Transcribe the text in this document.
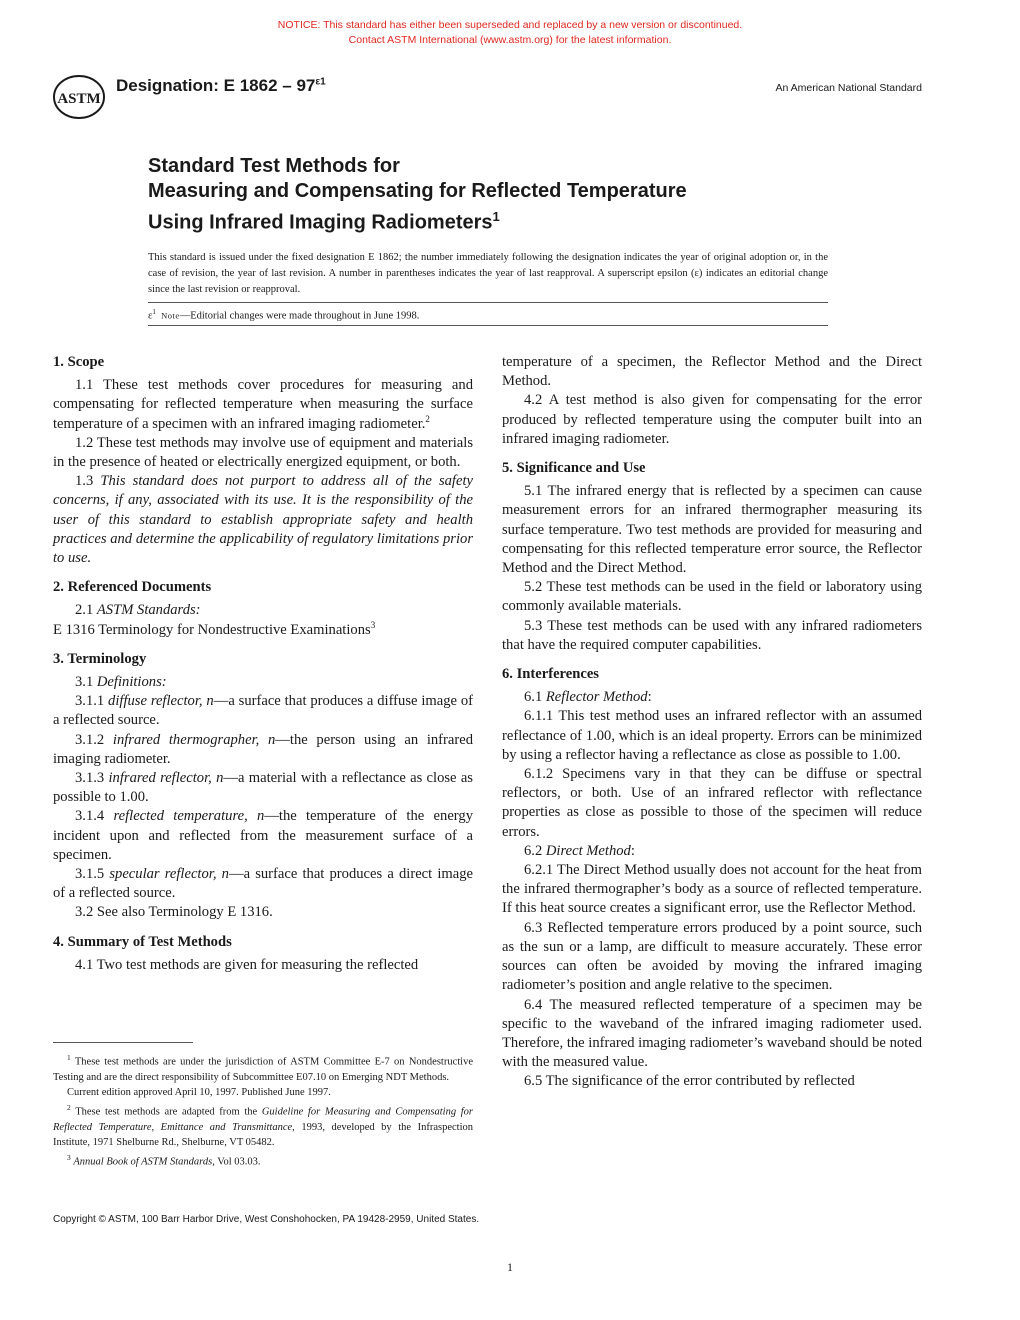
NOTICE: This standard has either been superseded and replaced by a new version or discontinued.
Contact ASTM International (www.astm.org) for the latest information.
ASTM
Designation: E $1862 - 97^{\varepsilon 1}$
An American National Standard
Standard Test Methods for
Measuring and Compensating for Reflected Temperature
Using Infrared Imaging Radiometers$^1$
This standard is issued under the fixed designation E 1862; the number immediately following the designation indicates the year of original adoption or, in the case of revision, the year of last revision. A number in parentheses indicates the year of last reapproval. A superscript epsilon (ε) indicates an editorial change since the last revision or reapproval.
$\varepsilon^1$ Note—Editorial changes were made throughout in June 1998.
1. Scope

1.1 These test methods cover procedures for measuring and compensating for reflected temperature when measuring the surface temperature of a specimen with an infrared imaging radiometer.$^2$

1.2 These test methods may involve use of equipment and materials in the presence of heated or electrically energized equipment, or both.

1.3 This standard does not purport to address all of the safety concerns, if any, associated with its use. It is the responsibility of the user of this standard to establish appropriate safety and health practices and determine the applicability of regulatory limitations prior to use.

2. Referenced Documents

2.1 ASTM Standards:

E 1316 Terminology for Nondestructive Examinations$^3$

3. Terminology

3.1 Definitions:

3.1.1 diffuse reflector, n—a surface that produces a diffuse image of a reflected source.

3.1.2 infrared thermographer, n—the person using an infrared imaging radiometer.

3.1.3 infrared reflector, n—a material with a reflectance as close as possible to 1.00.

3.1.4 reflected temperature, n—the temperature of the energy incident upon and reflected from the measurement surface of a specimen.

3.1.5 specular reflector, n—a surface that produces a direct image of a reflected source.

3.2 See also Terminology E 1316.

4. Summary of Test Methods

4.1 Two test methods are given for measuring the reflected

$^1$ These test methods are under the jurisdiction of ASTM Committee E-7 on Nondestructive Testing and are the direct responsibility of Subcommittee E07.10 on Emerging NDT Methods.

Current edition approved April 10, 1997. Published June 1997.

$^2$ These test methods are adapted from the Guideline for Measuring and Compensating for Reflected Temperature, Emittance and Transmittance, 1993, developed by the Infraspection Institute, 1971 Shelburne Rd., Shelburne, VT 05482.

$^3$ Annual Book of ASTM Standards, Vol 03.03.

temperature of a specimen, the Reflector Method and the Direct Method.

4.2 A test method is also given for compensating for the error produced by reflected temperature using the computer built into an infrared imaging radiometer.

5. Significance and Use

5.1 The infrared energy that is reflected by a specimen can cause measurement errors for an infrared thermographer measuring its surface temperature. Two test methods are provided for measuring and compensating for this reflected temperature error source, the Reflector Method and the Direct Method.

5.2 These test methods can be used in the field or laboratory using commonly available materials.

5.3 These test methods can be used with any infrared radiometers that have the required computer capabilities.

6. Interferences

6.1 Reflector Method:

6.1.1 This test method uses an infrared reflector with an assumed reflectance of 1.00, which is an ideal property. Errors can be minimized by using a reflector having a reflectance as close as possible to 1.00.

6.1.2 Specimens vary in that they can be diffuse or spectral reflectors, or both. Use of an infrared reflector with reflectance properties as close as possible to those of the specimen will reduce errors.

6.2 Direct Method:

6.2.1 The Direct Method usually does not account for the heat from the infrared thermographer’s body as a source of reflected temperature. If this heat source creates a significant error, use the Reflector Method.

6.3 Reflected temperature errors produced by a point source, such as the sun or a lamp, are difficult to measure accurately. These error sources can often be avoided by moving the infrared imaging radiometer’s position and angle relative to the specimen.

6.4 The measured reflected temperature of a specimen may be specific to the waveband of the infrared imaging radiometer used. Therefore, the infrared imaging radiometer’s waveband should be noted with the measured value.

6.5 The significance of the error contributed by reflected

Copyright © ASTM, 100 Barr Harbor Drive, West Conshohocken, PA 19428-2959, United States.
1
